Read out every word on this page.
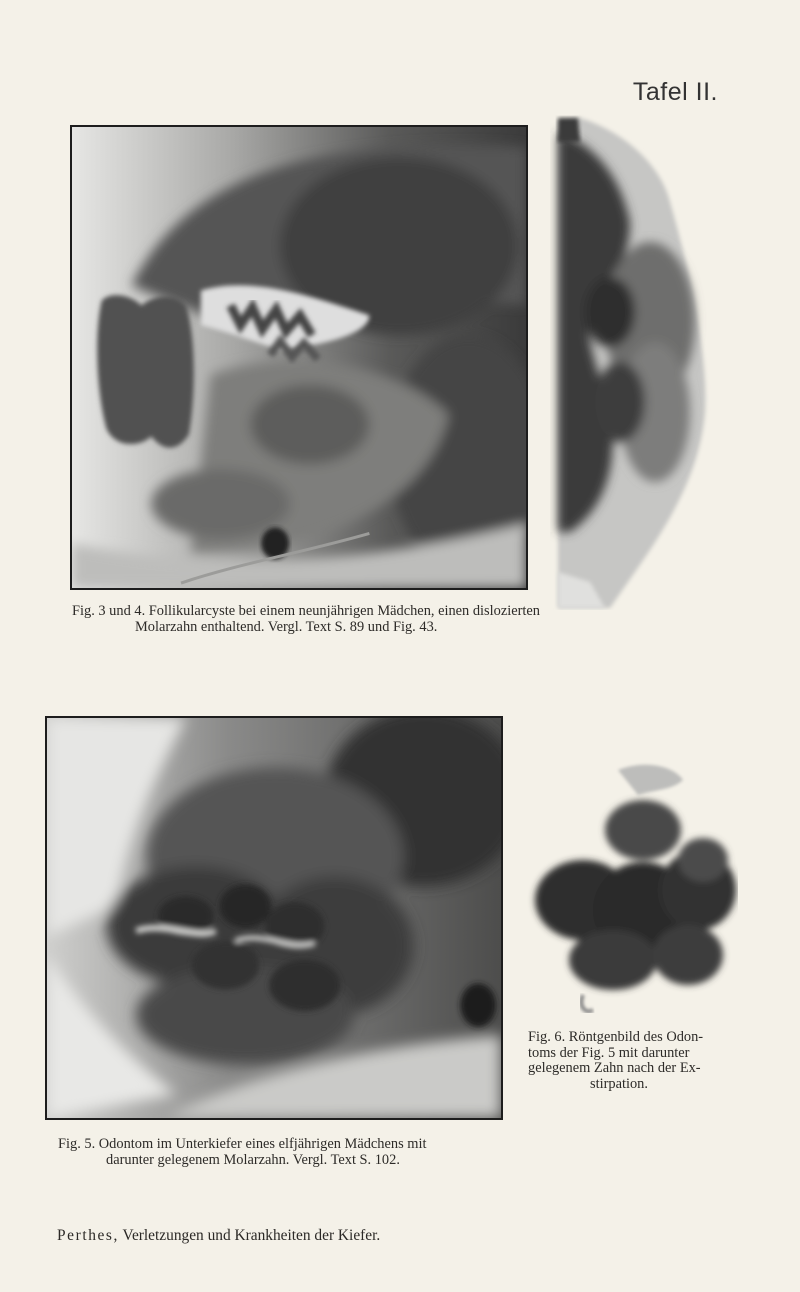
Tafel II.
Fig. 3 und 4. Follikularcyste bei einem neunjährigen Mädchen, einen dislozierten
Molarzahn enthaltend. Vergl. Text S. 89 und Fig. 43.
Fig. 6. Röntgenbild des Odon-
toms der Fig. 5 mit darunter
gelegenem Zahn nach der Ex-
stirpation.
Fig. 5. Odontom im Unterkiefer eines elfjährigen Mädchens mit
darunter gelegenem Molarzahn. Vergl. Text S. 102.
Perthes, Verletzungen und Krankheiten der Kiefer.
